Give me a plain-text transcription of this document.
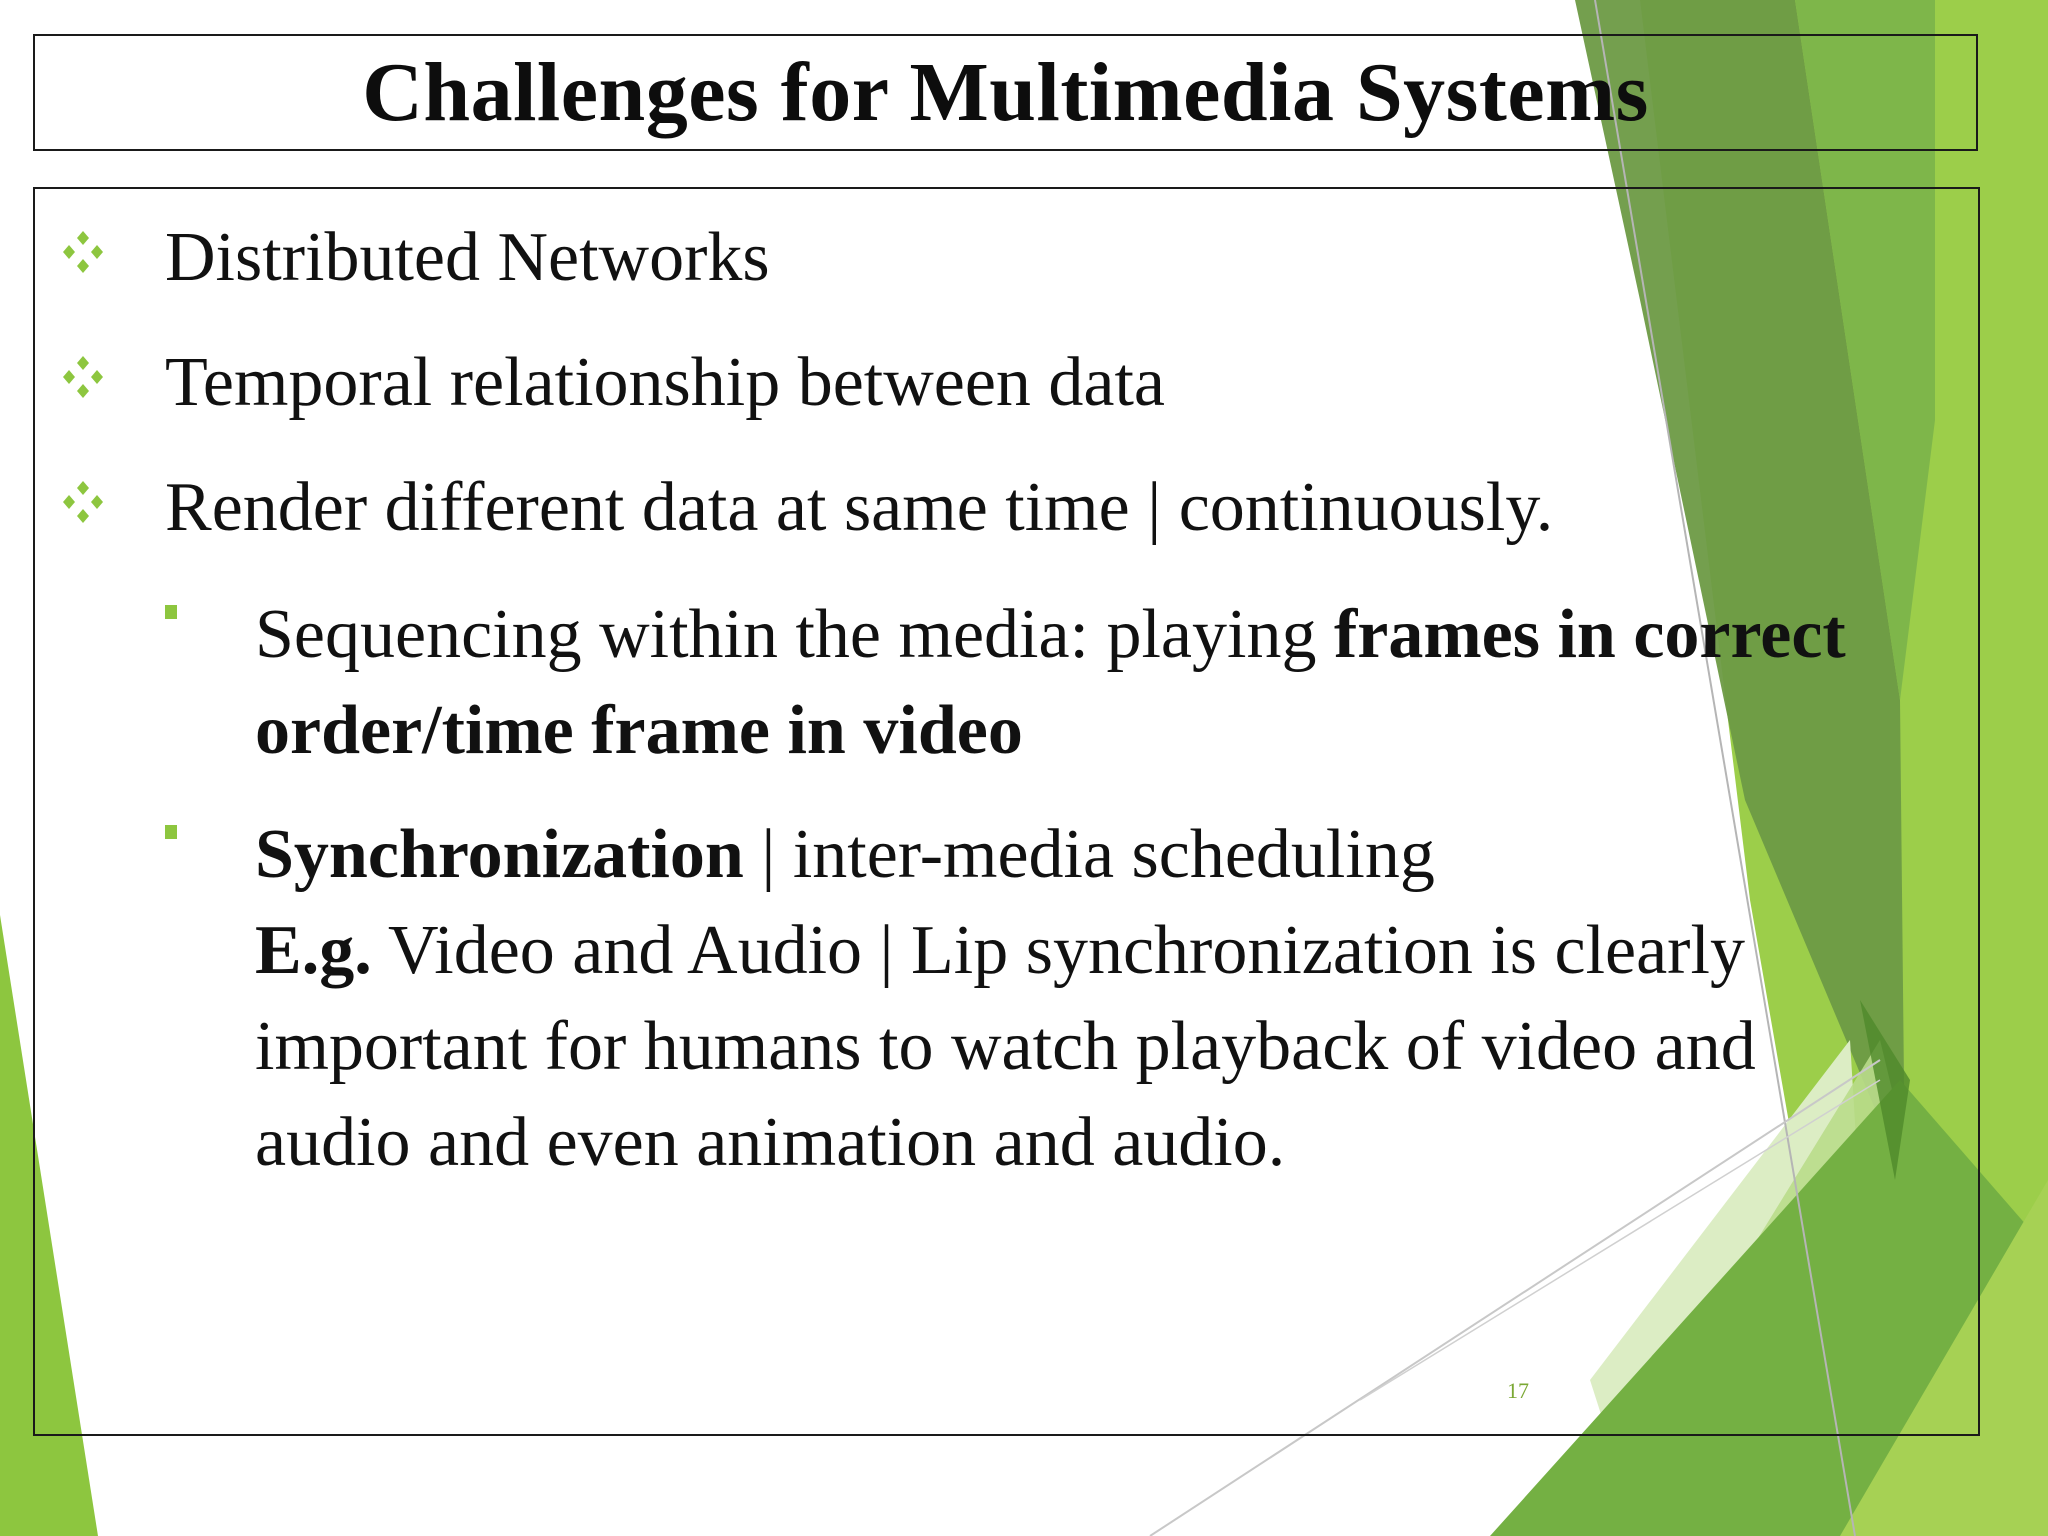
Challenges for Multimedia Systems
Distributed Networks
Temporal relationship between data
Render different data at same time | continuously.
Sequencing within the media: playing frames in correct
order/time frame in video
Synchronization | inter-media scheduling
E.g. Video and Audio | Lip synchronization is clearly
important for humans to watch playback of video and
audio and even animation and audio.
17
